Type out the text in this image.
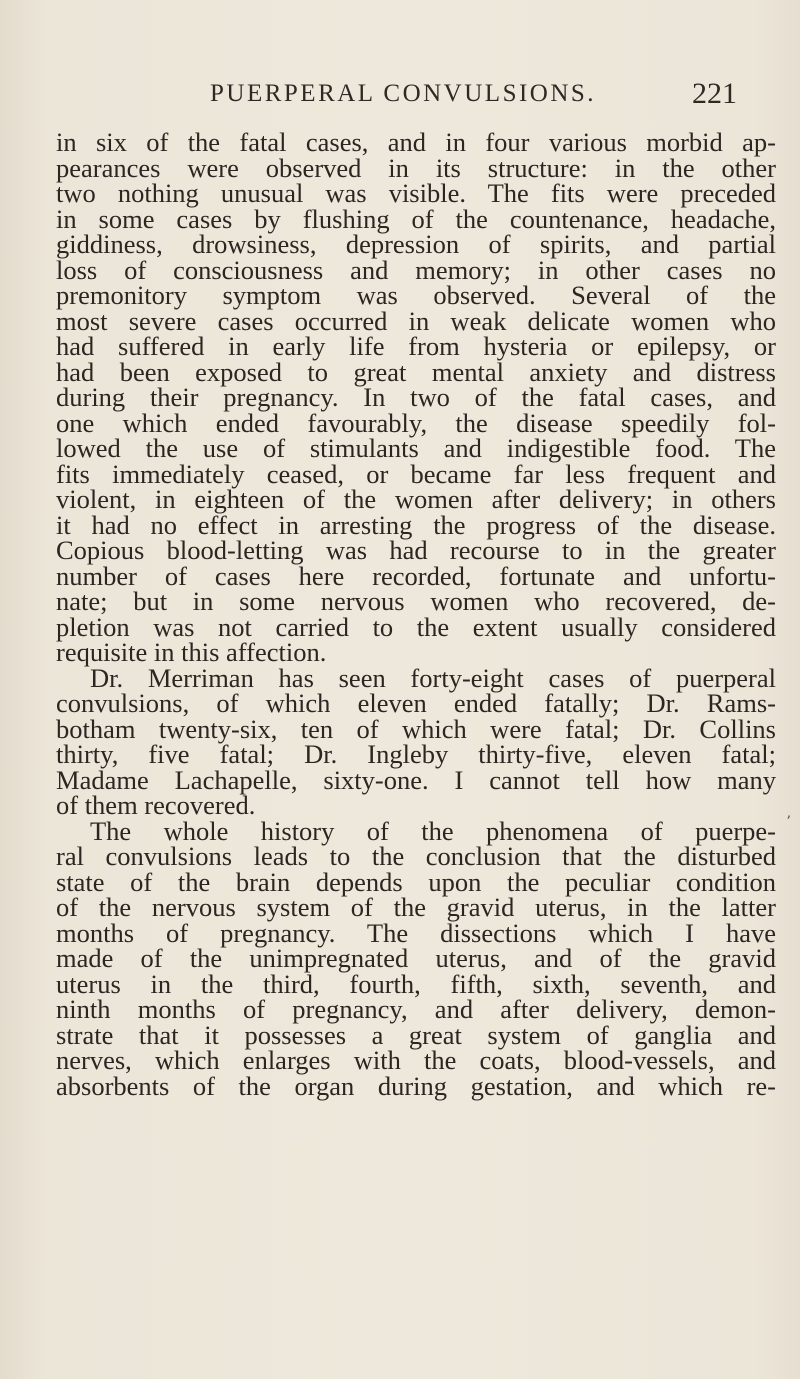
PUERPERAL CONVULSIONS.	221
in six of the fatal cases, and in four various morbid ap-
pearances were observed in its structure: in the other
two nothing unusual was visible. The fits were preceded
in some cases by flushing of the countenance, headache,
giddiness, drowsiness, depression of spirits, and partial
loss of consciousness and memory; in other cases no
premonitory symptom was observed. Several of the
most severe cases occurred in weak delicate women who
had suffered in early life from hysteria or epilepsy, or
had been exposed to great mental anxiety and distress
during their pregnancy. In two of the fatal cases, and
one which ended favourably, the disease speedily fol-
lowed the use of stimulants and indigestible food. The
fits immediately ceased, or became far less frequent and
violent, in eighteen of the women after delivery; in others
it had no effect in arresting the progress of the disease.
Copious blood-letting was had recourse to in the greater
number of cases here recorded, fortunate and unfortu-
nate; but in some nervous women who recovered, de-
pletion was not carried to the extent usually considered
requisite in this affection.
Dr. Merriman has seen forty-eight cases of puerperal
convulsions, of which eleven ended fatally; Dr. Rams-
botham twenty-six, ten of which were fatal; Dr. Collins
thirty, five fatal; Dr. Ingleby thirty-five, eleven fatal;
Madame Lachapelle, sixty-one. I cannot tell how many
of them recovered.
The whole history of the phenomena of puerpe-
ral convulsions leads to the conclusion that the disturbed
state of the brain depends upon the peculiar condition
of the nervous system of the gravid uterus, in the latter
months of pregnancy. The dissections which I have
made of the unimpregnated uterus, and of the gravid
uterus in the third, fourth, fifth, sixth, seventh, and
ninth months of pregnancy, and after delivery, demon-
strate that it possesses a great system of ganglia and
nerves, which enlarges with the coats, blood-vessels, and
absorbents of the organ during gestation, and which re-
ʼ
